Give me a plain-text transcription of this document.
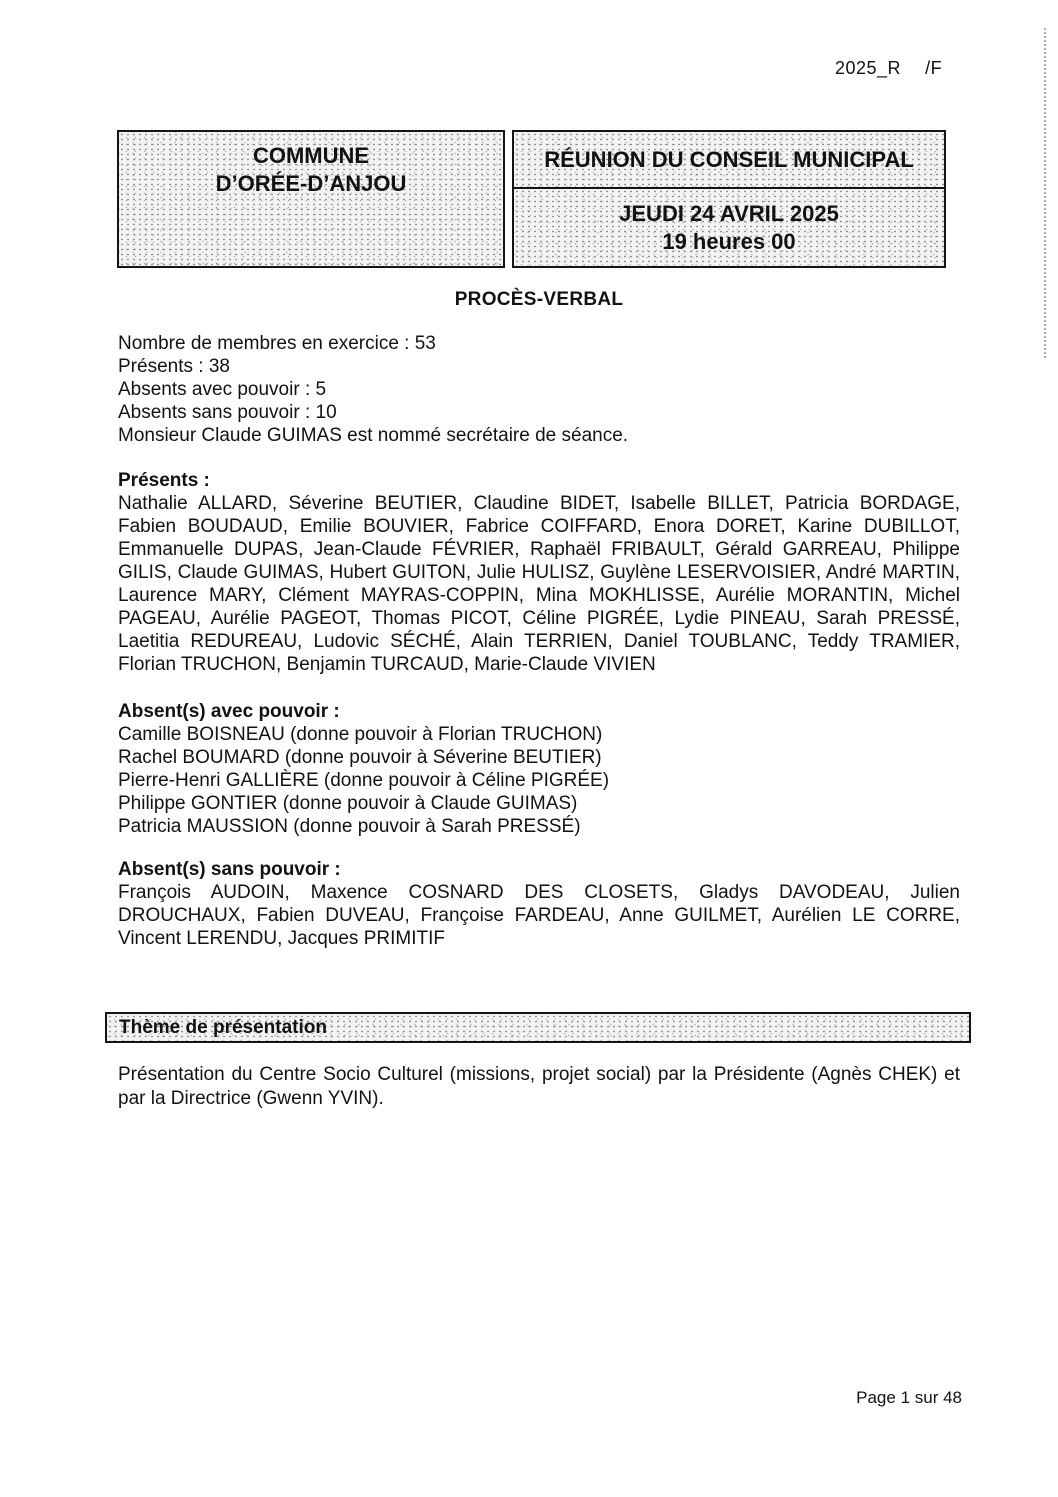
2025_R /F
COMMUNE
D’ORÉE-D’ANJOU
RÉUNION DU CONSEIL MUNICIPAL
JEUDI 24 AVRIL 2025
19 heures 00
PROCÈS-VERBAL
Nombre de membres en exercice : 53
Présents : 38
Absents avec pouvoir : 5
Absents sans pouvoir : 10
Monsieur Claude GUIMAS est nommé secrétaire de séance.
Présents :
Nathalie ALLARD, Séverine BEUTIER, Claudine BIDET, Isabelle BILLET, Patricia BORDAGE, Fabien BOUDAUD, Emilie BOUVIER, Fabrice COIFFARD, Enora DORET, Karine DUBILLOT, Emmanuelle DUPAS, Jean-Claude FÉVRIER, Raphaël FRIBAULT, Gérald GARREAU, Philippe GILIS, Claude GUIMAS, Hubert GUITON, Julie HULISZ, Guylène LESERVOISIER, André MARTIN, Laurence MARY, Clément MAYRAS-COPPIN, Mina MOKHLISSE, Aurélie MORANTIN, Michel PAGEAU, Aurélie PAGEOT, Thomas PICOT, Céline PIGRÉE, Lydie PINEAU, Sarah PRESSÉ, Laetitia REDUREAU, Ludovic SÉCHÉ, Alain TERRIEN, Daniel TOUBLANC, Teddy TRAMIER, Florian TRUCHON, Benjamin TURCAUD, Marie-Claude VIVIEN
Absent(s) avec pouvoir :
Camille BOISNEAU (donne pouvoir à Florian TRUCHON)
Rachel BOUMARD (donne pouvoir à Séverine BEUTIER)
Pierre-Henri GALLIÈRE (donne pouvoir à Céline PIGRÉE)
Philippe GONTIER (donne pouvoir à Claude GUIMAS)
Patricia MAUSSION (donne pouvoir à Sarah PRESSÉ)
Absent(s) sans pouvoir :
François AUDOIN, Maxence COSNARD DES CLOSETS, Gladys DAVODEAU, Julien DROUCHAUX, Fabien DUVEAU, Françoise FARDEAU, Anne GUILMET, Aurélien LE CORRE, Vincent LERENDU, Jacques PRIMITIF
Thème de présentation
Présentation du Centre Socio Culturel (missions, projet social) par la Présidente (Agnès CHEK) et par la Directrice (Gwenn YVIN).
Page 1 sur 48
